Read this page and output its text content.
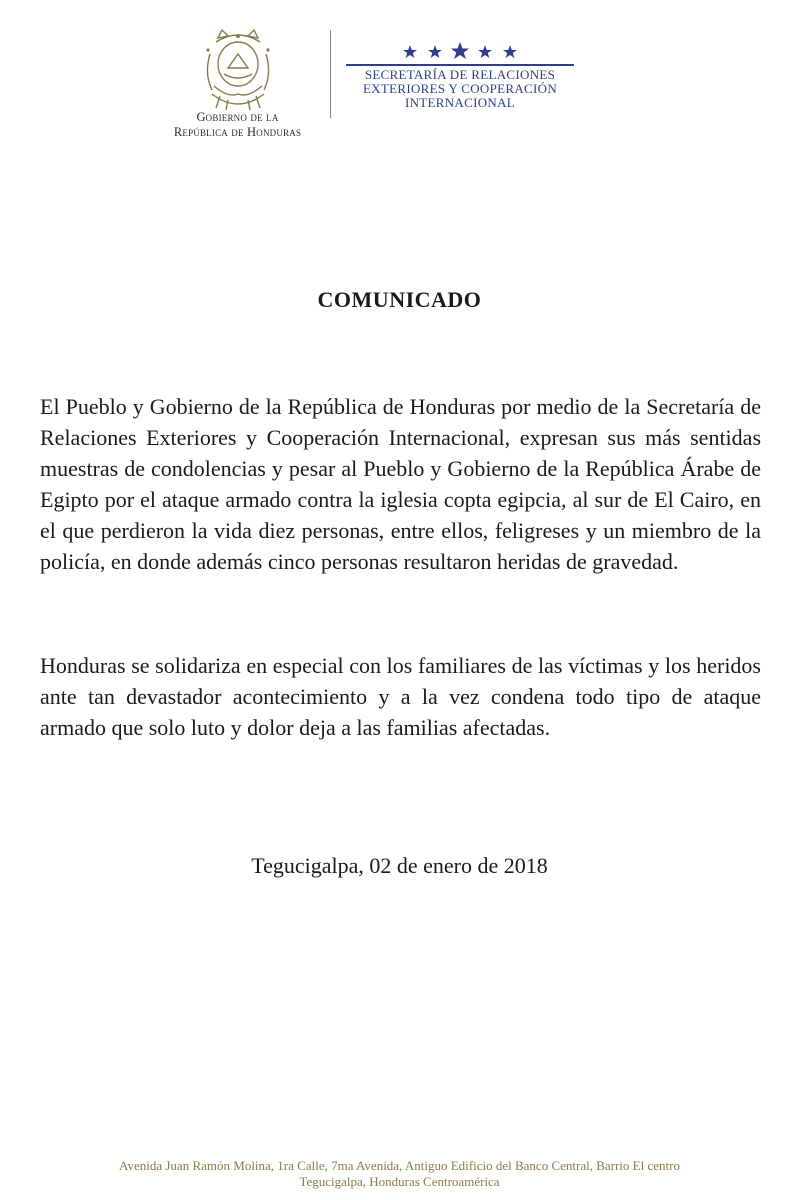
Gobierno de la
República de Honduras
SECRETARÍA DE RELACIONES
EXTERIORES Y COOPERACIÓN
INTERNACIONAL
COMUNICADO
El Pueblo y Gobierno de la República de Honduras por medio de la Secretaría de Relaciones Exteriores y Cooperación Internacional, expresan sus más sentidas muestras de condolencias y pesar al Pueblo y Gobierno de la República Árabe de Egipto por el ataque armado contra la iglesia copta egipcia, al sur de El Cairo, en el que perdieron la vida diez personas, entre ellos, feligreses y un miembro de la policía, en donde además cinco personas resultaron heridas de gravedad.
Honduras se solidariza en especial con los familiares de las víctimas y los heridos ante tan devastador acontecimiento y a la vez condena todo tipo de ataque armado que solo luto y dolor deja a las familias afectadas.
Tegucigalpa, 02 de enero de 2018
Avenida Juan Ramón Molina, 1ra Calle, 7ma Avenida, Antiguo Edificio del Banco Central, Barrio El centro
Tegucigalpa, Honduras Centroamérica
